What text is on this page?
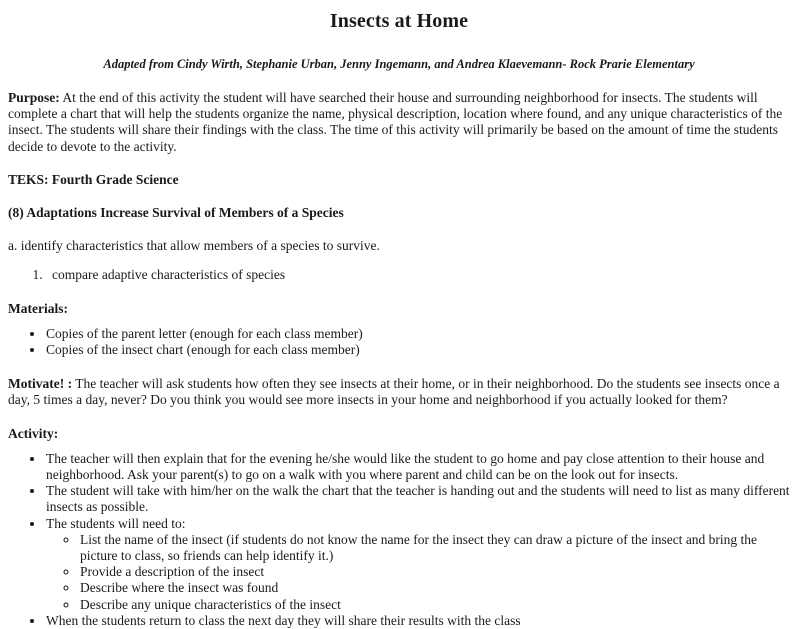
Insects at Home
Adapted from Cindy Wirth, Stephanie Urban, Jenny Ingemann, and Andrea Klaevemann- Rock Prarie Elementary

Purpose: At the end of this activity the student will have searched their house and surrounding neighborhood for insects. The students will complete a chart that will help the students organize the name, physical description, location where found, and any unique characteristics of the insect. The students will share their findings with the class. The time of this activity will primarily be based on the amount of time the students decide to devote to the activity.

TEKS: Fourth Grade Science

(8) Adaptations Increase Survival of Members of a Species

a. identify characteristics that allow members of a species to survive.

1. compare adaptive characteristics of species

Materials:

• Copies of the parent letter (enough for each class member)
• Copies of the insect chart (enough for each class member)

Motivate! : The teacher will ask students how often they see insects at their home, or in their neighborhood. Do the students see insects once a day, 5 times a day, never? Do you think you would see more insects in your home and neighborhood if you actually looked for them?

Activity:

• The teacher will then explain that for the evening he/she would like the student to go home and pay close attention to their house and neighborhood. Ask your parent(s) to go on a walk with you where parent and child can be on the look out for insects.
• The student will take with him/her on the walk the chart that the teacher is handing out and the students will need to list as many different insects as possible.
• The students will need to:
◦ List the name of the insect (if students do not know the name for the insect they can draw a picture of the insect and bring the picture to class, so friends can help identify it.)
◦ Provide a description of the insect
◦ Describe where the insect was found
◦ Describe any unique characteristics of the insect
• When the students return to class the next day they will share their results with the class
